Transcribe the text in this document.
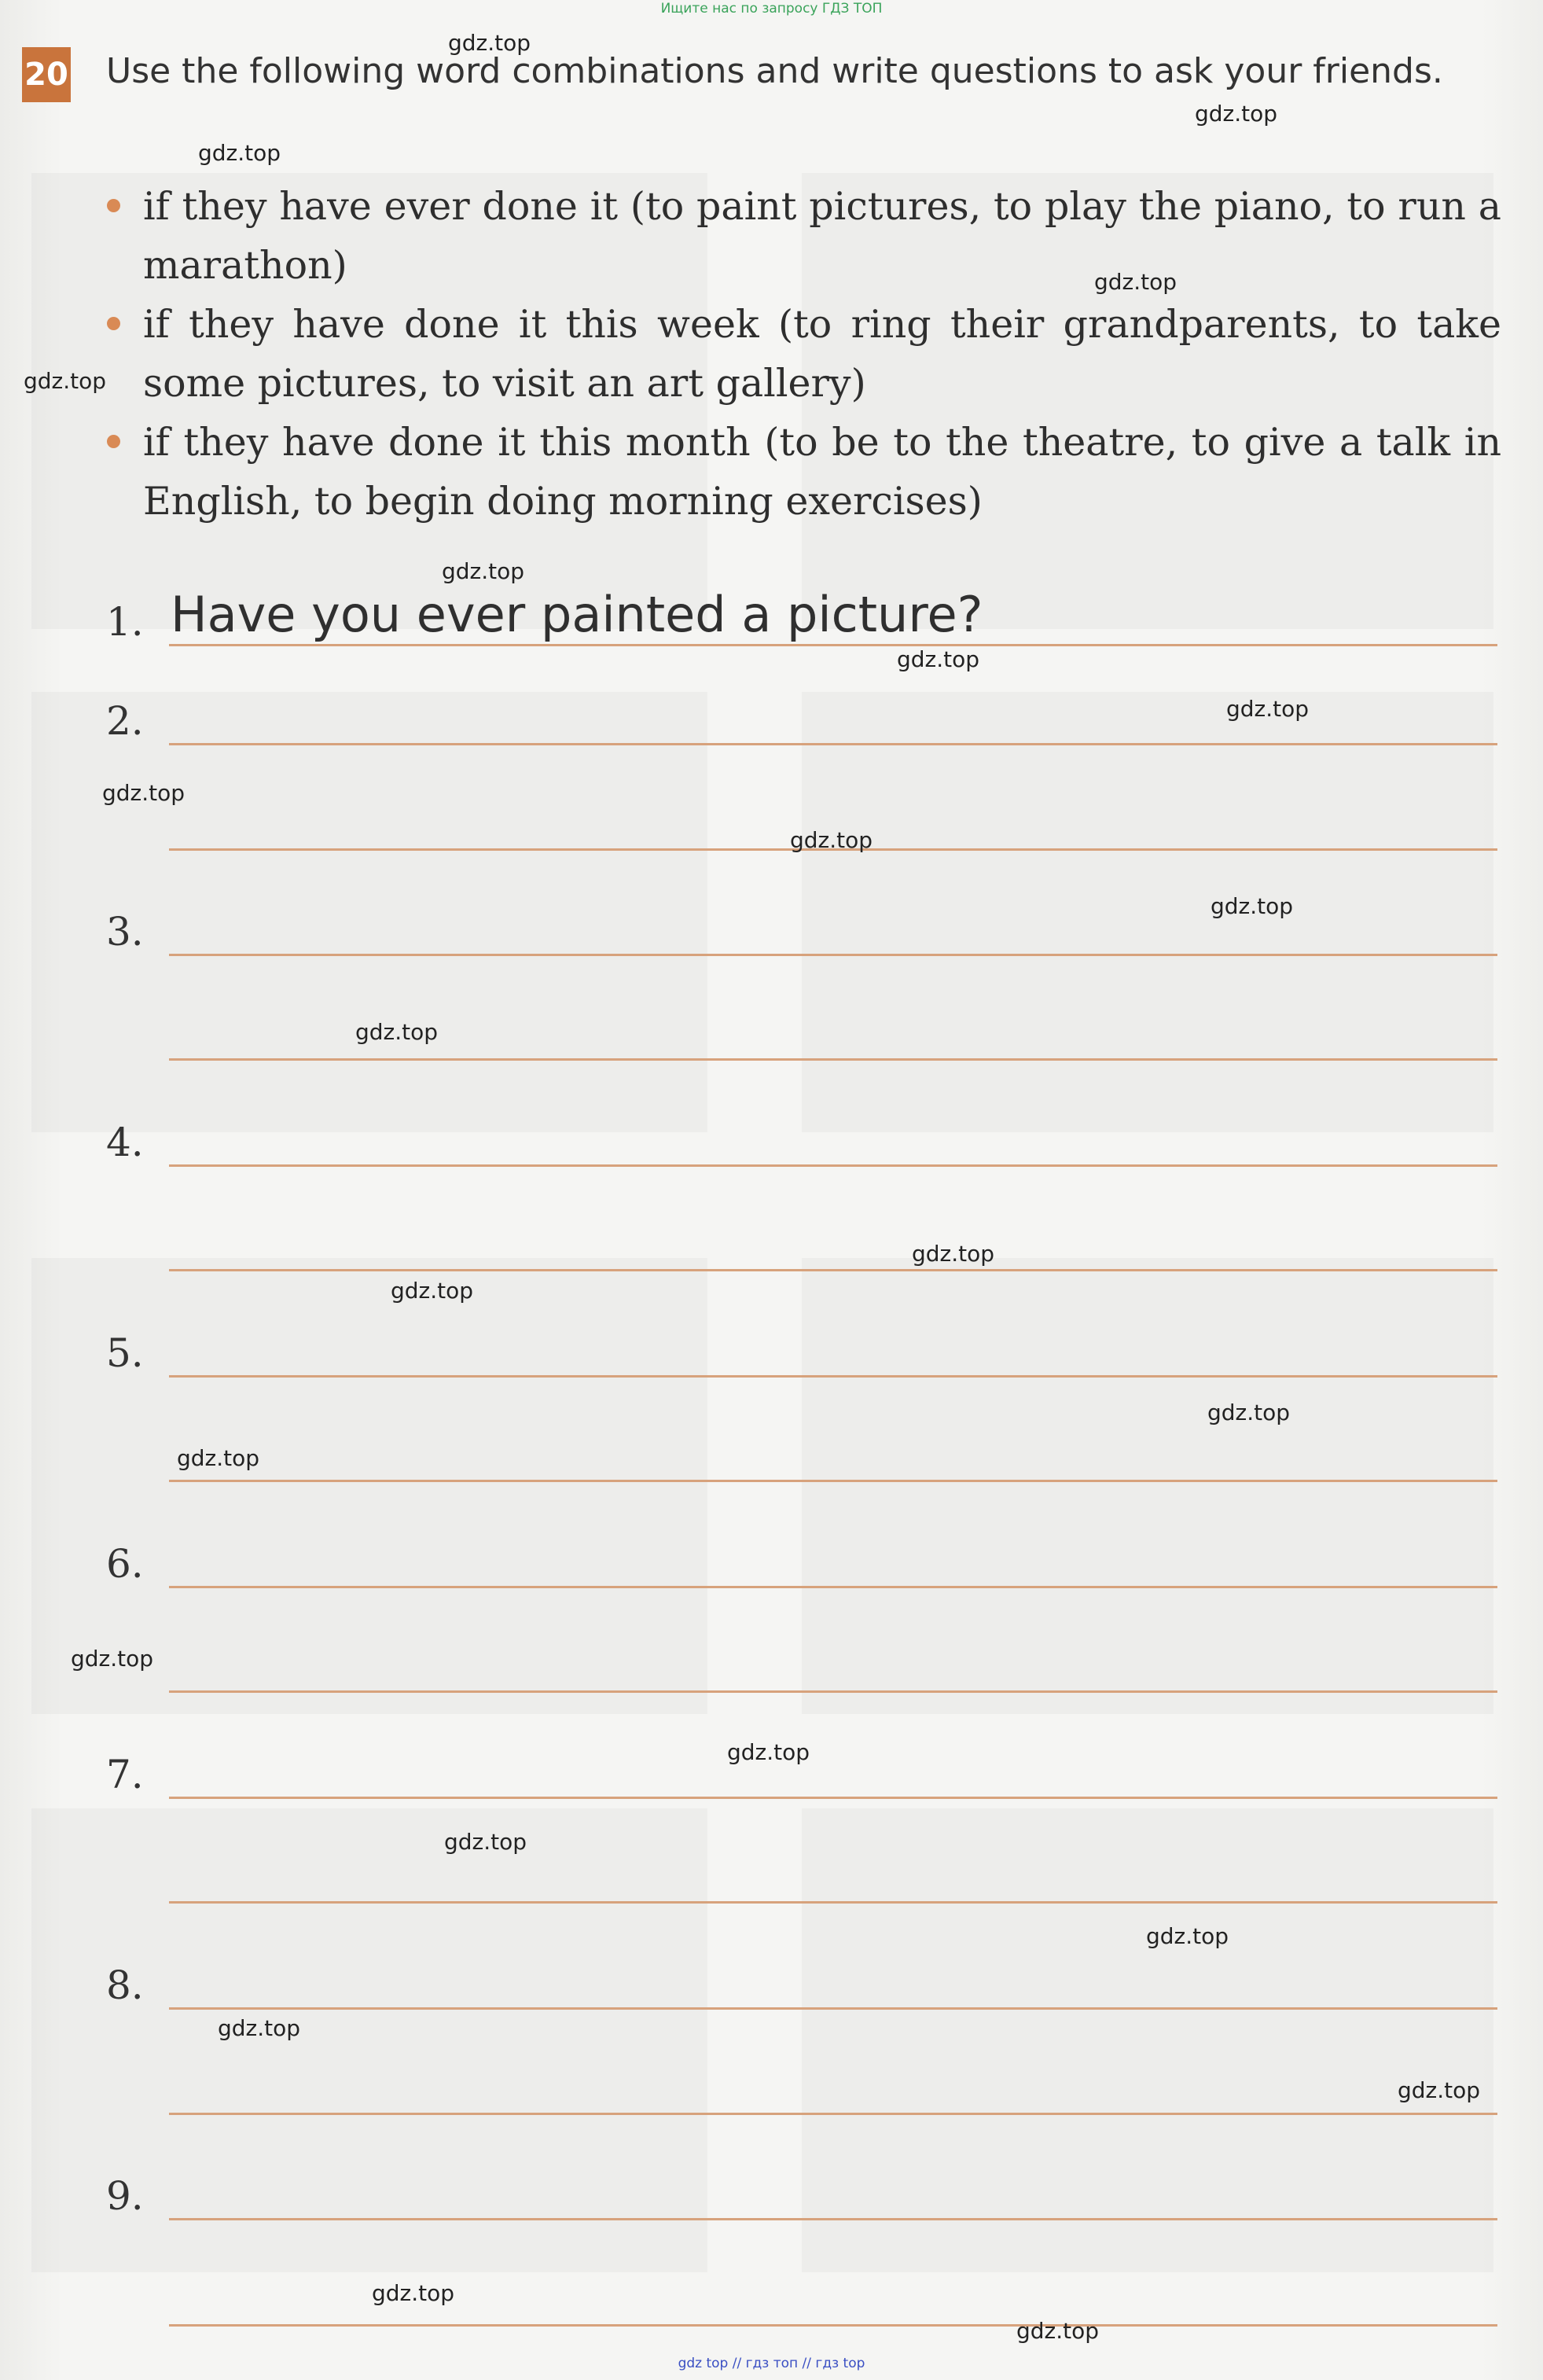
Ищите нас по запросу ГДЗ ТОП
20 Use the following word combinations and write questions to ask your friends.
if they have ever done it (to paint pictures, to play the piano, to run a marathon)
if they have done it this week (to ring their grandparents, to take some pictures, to visit an art gallery)
if they have done it this month (to be to the theatre, to give a talk in English, to begin doing morning exercises)
1. Have you ever painted a picture?
2.
3.
4.
5.
6.
7.
8.
9.
gdz.top
gdz.top
gdz.top
gdz.top
gdz.top
gdz.top
gdz.top
gdz.top
gdz.top
gdz.top
gdz.top
gdz.top
gdz.top
gdz.top
gdz.top
gdz.top
gdz.top
gdz.top
gdz.top
gdz.top
gdz.top
gdz.top
gdz.top
gdz.top
gdz top // гдз топ // гдз top
